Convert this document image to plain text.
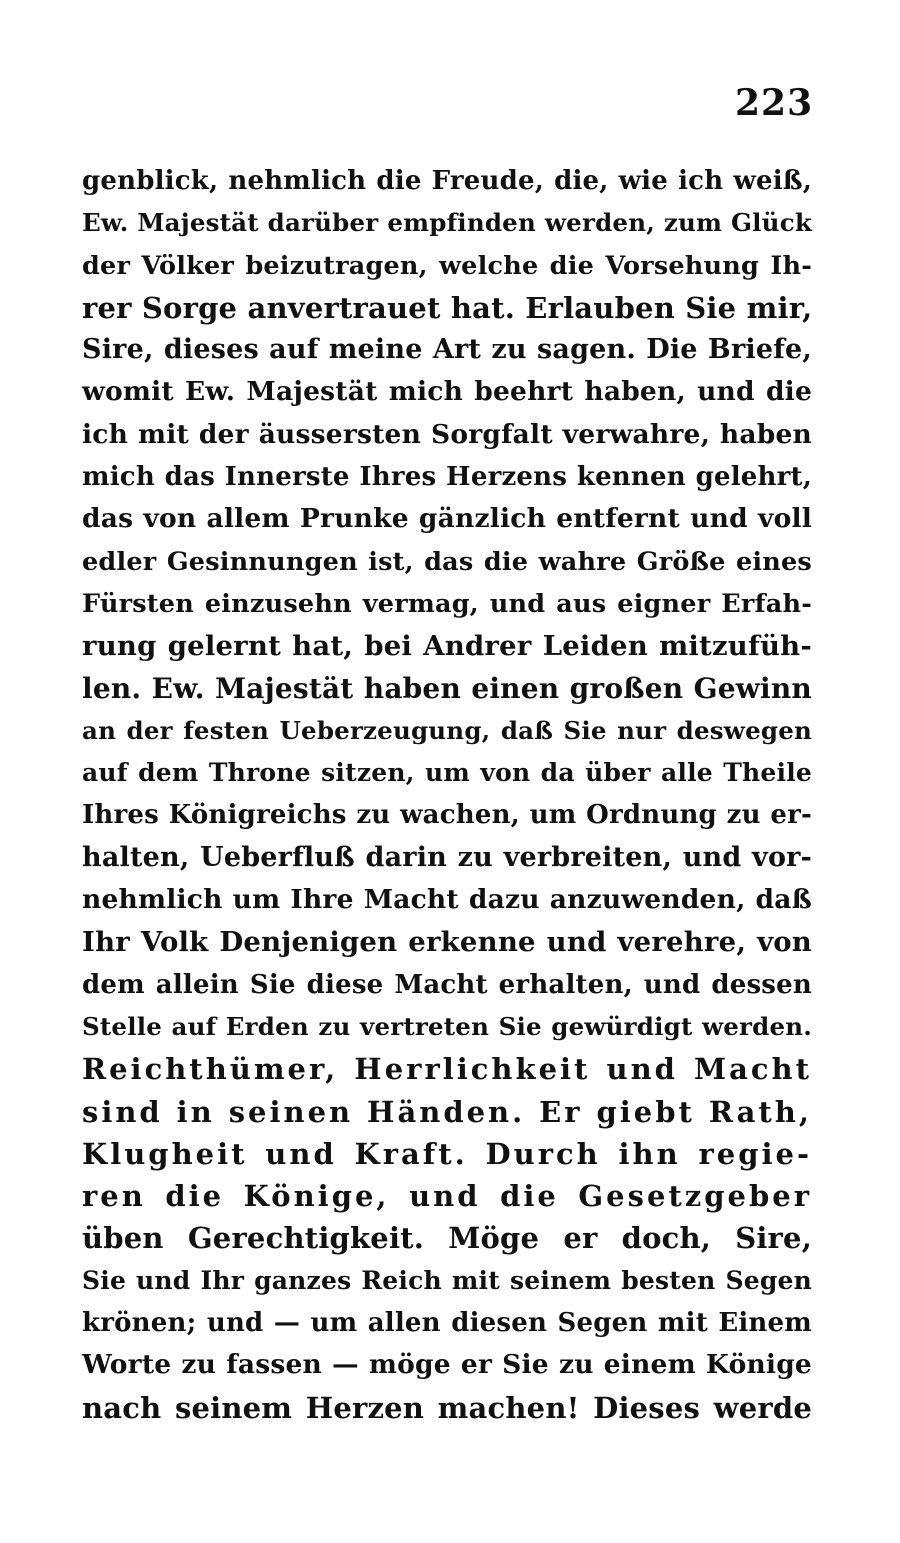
223
genblick, nehmlich die Freude, die, wie ich weiß,
Ew. Majestät darüber empfinden werden, zum Glück
der Völker beizutragen, welche die Vorsehung Ih-
rer Sorge anvertrauet hat. Erlauben Sie mir,
Sire, dieses auf meine Art zu sagen. Die Briefe,
womit Ew. Majestät mich beehrt haben, und die
ich mit der äussersten Sorgfalt verwahre, haben
mich das Innerste Ihres Herzens kennen gelehrt,
das von allem Prunke gänzlich entfernt und voll
edler Gesinnungen ist, das die wahre Größe eines
Fürsten einzusehn vermag, und aus eigner Erfah-
rung gelernt hat, bei Andrer Leiden mitzufüh-
len. Ew. Majestät haben einen großen Gewinn
an der festen Ueberzeugung, daß Sie nur deswegen
auf dem Throne sitzen, um von da über alle Theile
Ihres Königreichs zu wachen, um Ordnung zu er-
halten, Ueberfluß darin zu verbreiten, und vor-
nehmlich um Ihre Macht dazu anzuwenden, daß
Ihr Volk Denjenigen erkenne und verehre, von
dem allein Sie diese Macht erhalten, und dessen
Stelle auf Erden zu vertreten Sie gewürdigt werden.
Reichthümer, Herrlichkeit und Macht
sind in seinen Händen. Er giebt Rath,
Klugheit und Kraft. Durch ihn regie-
ren die Könige, und die Gesetzgeber
üben Gerechtigkeit. Möge er doch, Sire,
Sie und Ihr ganzes Reich mit seinem besten Segen
krönen; und — um allen diesen Segen mit Einem
Worte zu fassen — möge er Sie zu einem Könige
nach seinem Herzen machen! Dieses werde
